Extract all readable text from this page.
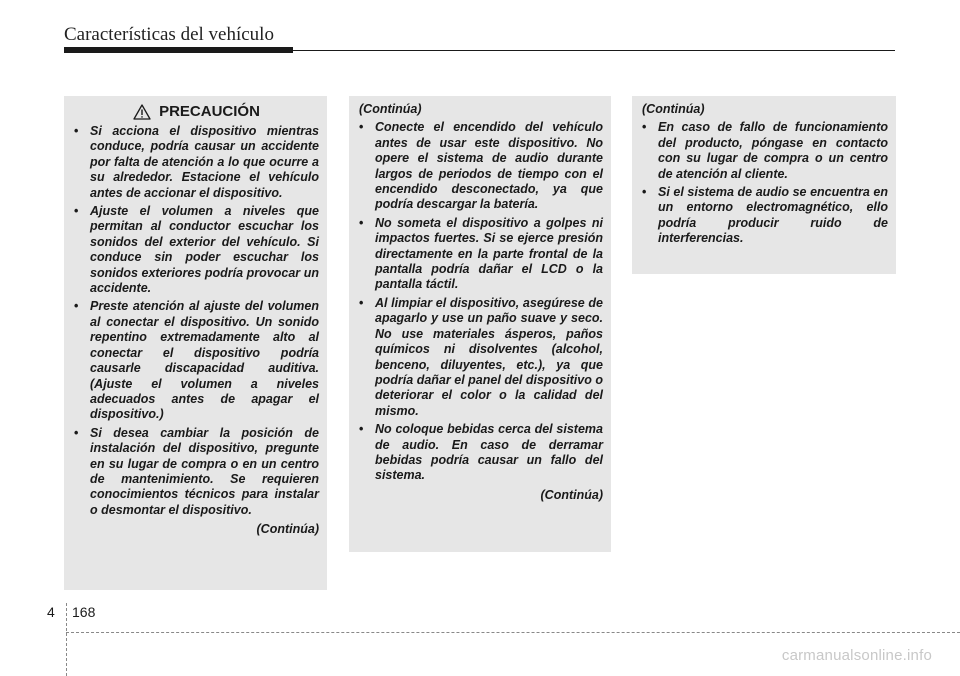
Características del vehículo
PRECAUCIÓN
• Si acciona el dispositivo mientras conduce, podría causar un accidente por falta de atención a lo que ocurre a su alrededor. Estacione el vehículo antes de accionar el dispositivo.
• Ajuste el volumen a niveles que permitan al conductor escuchar los sonidos del exterior del vehículo. Si conduce sin poder escuchar los sonidos exteriores podría provocar un accidente.
• Preste atención al ajuste del volumen al conectar el dispositivo. Un sonido repentino extremadamente alto al conectar el dispositivo podría causarle discapacidad auditiva. (Ajuste el volumen a niveles adecuados antes de apagar el dispositivo.)
• Si desea cambiar la posición de instalación del dispositivo, pregunte en su lugar de compra o en un centro de mantenimiento. Se requieren conocimientos técnicos para instalar o desmontar el dispositivo.
(Continúa)
(Continúa)
• Conecte el encendido del vehículo antes de usar este dispositivo. No opere el sistema de audio durante largos de periodos de tiempo con el encendido desconectado, ya que podría descargar la batería.
• No someta el dispositivo a golpes ni impactos fuertes. Si se ejerce presión directamente en la parte frontal de la pantalla podría dañar el LCD o la pantalla táctil.
• Al limpiar el dispositivo, asegúrese de apagarlo y use un paño suave y seco. No use materiales ásperos, paños químicos ni disolventes (alcohol, benceno, diluyentes, etc.), ya que podría dañar el panel del dispositivo o deteriorar el color o la calidad del mismo.
• No coloque bebidas cerca del sistema de audio. En caso de derramar bebidas podría causar un fallo del sistema.
(Continúa)
(Continúa)
• En caso de fallo de funcionamiento del producto, póngase en contacto con su lugar de compra o un centro de atención al cliente.
• Si el sistema de audio se encuentra en un entorno electromagnético, ello podría producir ruido de interferencias.
4 168
carmanualsonline.info
